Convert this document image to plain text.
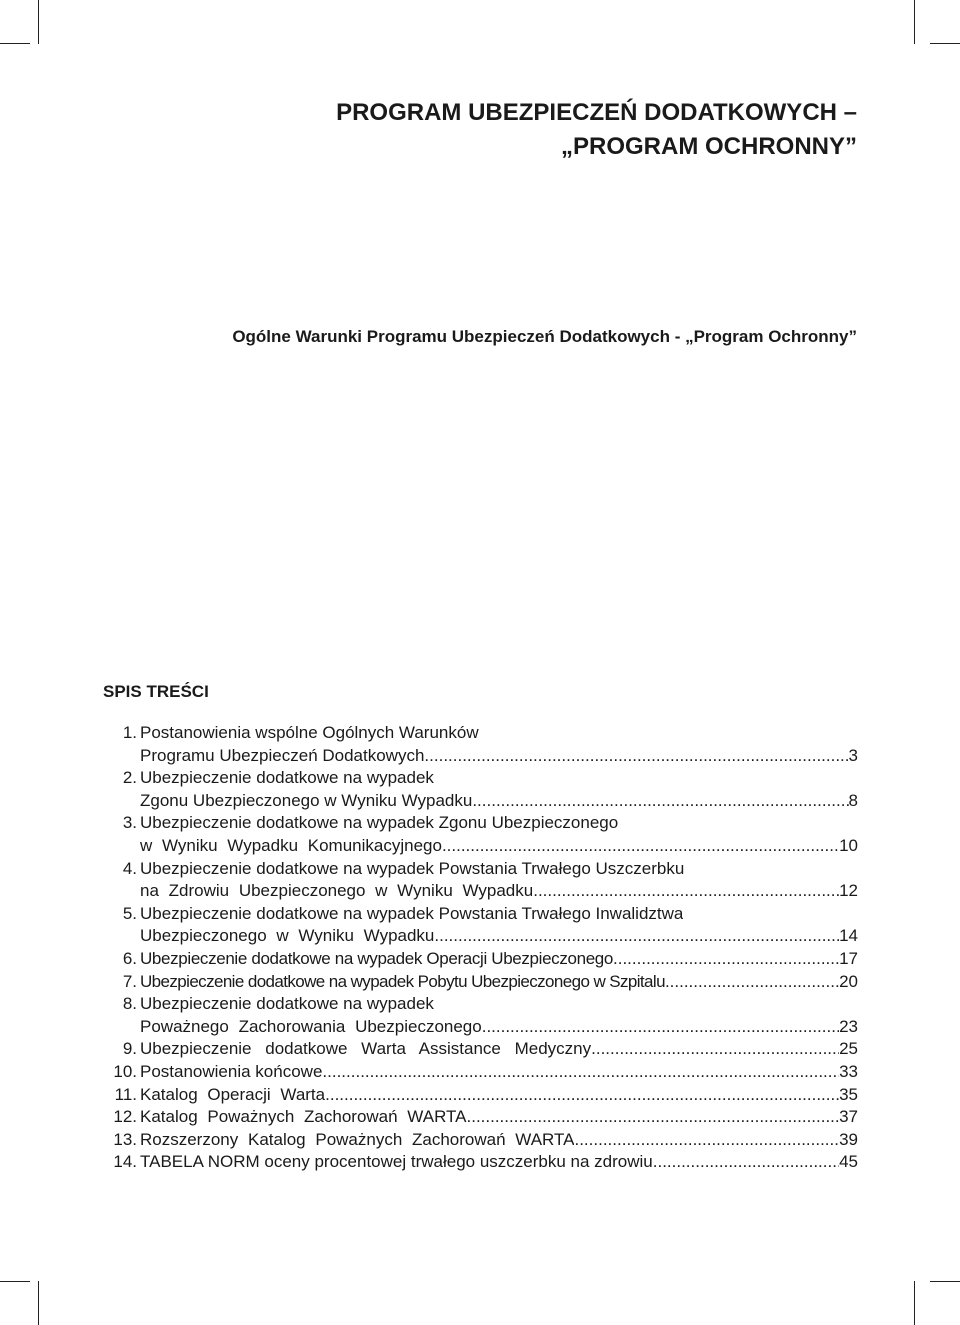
PROGRAM UBEZPIECZEŃ DODATKOWYCH –
„PROGRAM OCHRONNY”
Ogólne Warunki Programu Ubezpieczeń Dodatkowych - „Program Ochronny”
SPIS TREŚCI
1. Postanowienia wspólne Ogólnych Warunków
Programu Ubezpieczeń Dodatkowych .....	3
2. Ubezpieczenie dodatkowe na wypadek
Zgonu Ubezpieczonego w Wyniku Wypadku .....	8
3. Ubezpieczenie dodatkowe na wypadek Zgonu Ubezpieczonego
w Wyniku Wypadku Komunikacyjnego .....	10
4. Ubezpieczenie dodatkowe na wypadek Powstania Trwałego Uszczerbku
na Zdrowiu Ubezpieczonego w Wyniku Wypadku .....	12
5. Ubezpieczenie dodatkowe na wypadek Powstania Trwałego Inwalidztwa
Ubezpieczonego w Wyniku Wypadku .....	14
6. Ubezpieczenie dodatkowe na wypadek Operacji Ubezpieczonego .....	17
7. Ubezpieczenie dodatkowe na wypadek Pobytu Ubezpieczonego w Szpitalu .....	20
8. Ubezpieczenie dodatkowe na wypadek
Poważnego Zachorowania Ubezpieczonego .....	23
9. Ubezpieczenie dodatkowe Warta Assistance Medyczny .....	25
10. Postanowienia końcowe .....	33
11. Katalog Operacji Warta .....	35
12. Katalog Poważnych Zachorowań WARTA .....	37
13. Rozszerzony Katalog Poważnych Zachorowań WARTA .....	39
14. TABELA NORM oceny procentowej trwałego uszczerbku na zdrowiu .....	45
